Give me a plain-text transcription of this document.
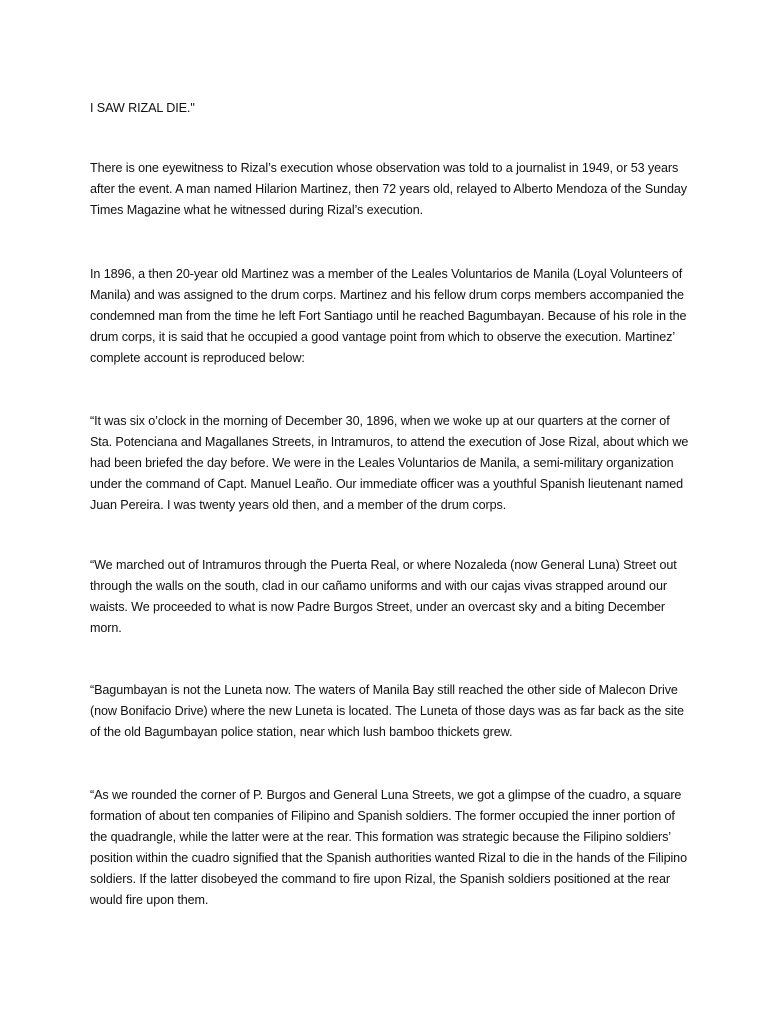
I SAW RIZAL DIE."

There is one eyewitness to Rizal’s execution whose observation was told to a journalist in 1949, or 53 years after the event. A man named Hilarion Martinez, then 72 years old, relayed to Alberto Mendoza of the Sunday Times Magazine what he witnessed during Rizal’s execution.

In 1896, a then 20-year old Martinez was a member of the Leales Voluntarios de Manila (Loyal Volunteers of Manila) and was assigned to the drum corps. Martinez and his fellow drum corps members accompanied the condemned man from the time he left Fort Santiago until he reached Bagumbayan. Because of his role in the drum corps, it is said that he occupied a good vantage point from which to observe the execution. Martinez’ complete account is reproduced below:

“It was six o’clock in the morning of December 30, 1896, when we woke up at our quarters at the corner of Sta. Potenciana and Magallanes Streets, in Intramuros, to attend the execution of Jose Rizal, about which we had been briefed the day before. We were in the Leales Voluntarios de Manila, a semi-military organization under the command of Capt. Manuel Leaño. Our immediate officer was a youthful Spanish lieutenant named Juan Pereira. I was twenty years old then, and a member of the drum corps.

“We marched out of Intramuros through the Puerta Real, or where Nozaleda (now General Luna) Street out through the walls on the south, clad in our cañamo uniforms and with our cajas vivas strapped around our waists. We proceeded to what is now Padre Burgos Street, under an overcast sky and a biting December morn.

“Bagumbayan is not the Luneta now. The waters of Manila Bay still reached the other side of Malecon Drive (now Bonifacio Drive) where the new Luneta is located. The Luneta of those days was as far back as the site of the old Bagumbayan police station, near which lush bamboo thickets grew.

“As we rounded the corner of P. Burgos and General Luna Streets, we got a glimpse of the cuadro, a square formation of about ten companies of Filipino and Spanish soldiers. The former occupied the inner portion of the quadrangle, while the latter were at the rear. This formation was strategic because the Filipino soldiers’ position within the cuadro signified that the Spanish authorities wanted Rizal to die in the hands of the Filipino soldiers. If the latter disobeyed the command to fire upon Rizal, the Spanish soldiers positioned at the rear would fire upon them.
